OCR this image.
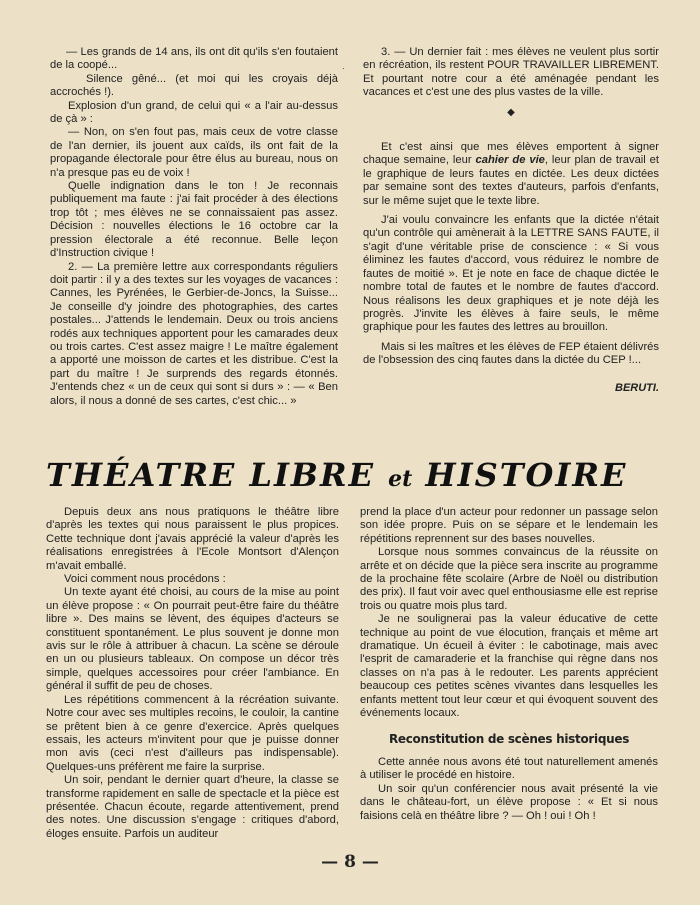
— Les grands de 14 ans, ils ont dit qu'ils s'en foutaient de la coopé...

Silence gêné... (et moi qui les croyais déjà accrochés !).

Explosion d'un grand, de celui qui « a l'air au-dessus de çà » :

— Non, on s'en fout pas, mais ceux de votre classe de l'an dernier, ils jouent aux caïds, ils ont fait de la propagande électorale pour être élus au bureau, nous on n'a presque pas eu de voix !

Quelle indignation dans le ton ! Je reconnais publiquement ma faute : j'ai fait procéder à des élections trop tôt ; mes élèves ne se connaissaient pas assez. Décision : nouvelles élections le 16 octobre car la pression électorale a été reconnue. Belle leçon d'Instruction civique !

2. — La première lettre aux correspondants réguliers doit partir : il y a des textes sur les voyages de vacances : Cannes, les Pyrénées, le Gerbier-de-Joncs, la Suisse... Je conseille d'y joindre des photographies, des cartes postales... J'attends le lendemain. Deux ou trois anciens rodés aux techniques apportent pour les camarades deux ou trois cartes. C'est assez maigre ! Le maître également a apporté une moisson de cartes et les distribue. C'est la part du maître ! Je surprends des regards étonnés. J'entends chez « un de ceux qui sont si durs » : — « Ben alors, il nous a donné de ses cartes, c'est chic... »

·

3. — Un dernier fait : mes élèves ne veulent plus sortir en récréation, ils restent POUR TRAVAILLER LIBREMENT. Et pourtant notre cour a été aménagée pendant les vacances et c'est une des plus vastes de la ville.

◆

Et c'est ainsi que mes élèves emportent à signer chaque semaine, leur cahier de vie, leur plan de travail et le graphique de leurs fautes en dictée. Les deux dictées par semaine sont des textes d'auteurs, parfois d'enfants, sur le même sujet que le texte libre.

J'ai voulu convaincre les enfants que la dictée n'était qu'un contrôle qui amènerait à la LETTRE SANS FAUTE, il s'agit d'une véritable prise de conscience : « Si vous éliminez les fautes d'accord, vous réduirez le nombre de fautes de moitié ». Et je note en face de chaque dictée le nombre total de fautes et le nombre de fautes d'accord. Nous réalisons les deux graphiques et je note déjà les progrès. J'invite les élèves à faire seuls, le même graphique pour les fautes des lettres au brouillon.

Mais si les maîtres et les élèves de FEP étaient délivrés de l'obsession des cinq fautes dans la dictée du CEP !...

BERUTI.
THÉATRE LIBRE et HISTOIRE

Depuis deux ans nous pratiquons le théâtre libre d'après les textes qui nous paraissent le plus propices. Cette technique dont j'avais apprécié la valeur d'après les réalisations enregistrées à l'Ecole Montsort d'Alençon m'avait emballé.

Voici comment nous procédons :

Un texte ayant été choisi, au cours de la mise au point un élève propose : « On pourrait peut-être faire du théâtre libre ». Des mains se lèvent, des équipes d'acteurs se constituent spontanément. Le plus souvent je donne mon avis sur le rôle à attribuer à chacun. La scène se déroule en un ou plusieurs tableaux. On compose un décor très simple, quelques accessoires pour créer l'ambiance. En général il suffit de peu de choses.

Les répétitions commencent à la récréation suivante. Notre cour avec ses multiples recoins, le couloir, la cantine se prêtent bien à ce genre d'exercice. Après quelques essais, les acteurs m'invitent pour que je puisse donner mon avis (ceci n'est d'ailleurs pas indispensable). Quelques-uns préfèrent me faire la surprise.

Un soir, pendant le dernier quart d'heure, la classe se transforme rapidement en salle de spectacle et la pièce est présentée. Chacun écoute, regarde attentivement, prend des notes. Une discussion s'engage : critiques d'abord, éloges ensuite. Parfois un auditeur

prend la place d'un acteur pour redonner un passage selon son idée propre. Puis on se sépare et le lendemain les répétitions reprennent sur des bases nouvelles.

Lorsque nous sommes convaincus de la réussite on arrête et on décide que la pièce sera inscrite au programme de la prochaine fête scolaire (Arbre de Noël ou distribution des prix). Il faut voir avec quel enthousiasme elle est reprise trois ou quatre mois plus tard.

Je ne soulignerai pas la valeur éducative de cette technique au point de vue élocution, français et même art dramatique. Un écueil à éviter : le cabotinage, mais avec l'esprit de camaraderie et la franchise qui règne dans nos classes on n'a pas à le redouter. Les parents apprécient beaucoup ces petites scènes vivantes dans lesquelles les enfants mettent tout leur cœur et qui évoquent souvent des événements locaux.

Reconstitution de scènes historiques

Cette année nous avons été tout naturellement amenés à utiliser le procédé en histoire.

Un soir qu'un conférencier nous avait présenté la vie dans le château-fort, un élève propose : « Et si nous faisions celà en théâtre libre ? — Oh ! oui ! Oh !

— 8 —
